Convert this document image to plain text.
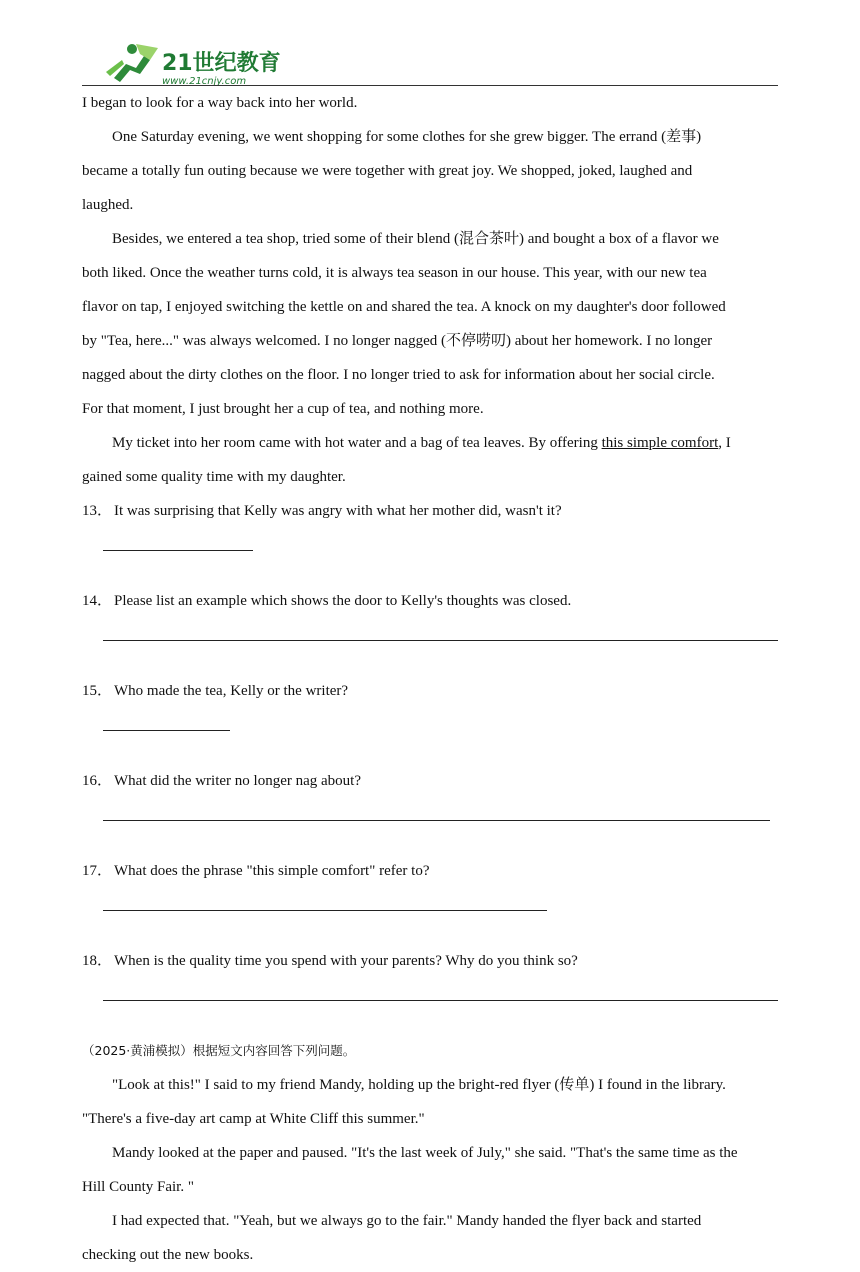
21世纪教育
www.21cnjy.com
I began to look for a way back into her world.
One Saturday evening, we went shopping for some clothes for she grew bigger. The errand (差事)
became a totally fun outing because we were together with great joy. We shopped, joked, laughed and
laughed.
Besides, we entered a tea shop, tried some of their blend (混合茶叶) and bought a box of a flavor we
both liked. Once the weather turns cold, it is always tea season in our house. This year, with our new tea
flavor on tap, I enjoyed switching the kettle on and shared the tea. A knock on my daughter's door followed
by "Tea, here..." was always welcomed. I no longer nagged (不停唠叨) about her homework. I no longer
nagged about the dirty clothes on the floor. I no longer tried to ask for information about her social circle.
For that moment, I just brought her a cup of tea, and nothing more.
My ticket into her room came with hot water and a bag of tea leaves. By offering this simple comfort, I
gained some quality time with my daughter.
13． It was surprising that Kelly was angry with what her mother did, wasn't it?
14． Please list an example which shows the door to Kelly's thoughts was closed.
15． Who made the tea, Kelly or the writer?
16． What did the writer no longer nag about?
17． What does the phrase "this simple comfort" refer to?
18． When is the quality time you spend with your parents? Why do you think so?
（2025·黄浦模拟）根据短文内容回答下列问题。
"Look at this!" I said to my friend Mandy, holding up the bright-red flyer (传单) I found in the library.
"There's a five-day art camp at White Cliff this summer."
Mandy looked at the paper and paused. "It's the last week of July," she said. "That's the same time as the
Hill County Fair. "
I had expected that. "Yeah, but we always go to the fair." Mandy handed the flyer back and started
checking out the new books.
